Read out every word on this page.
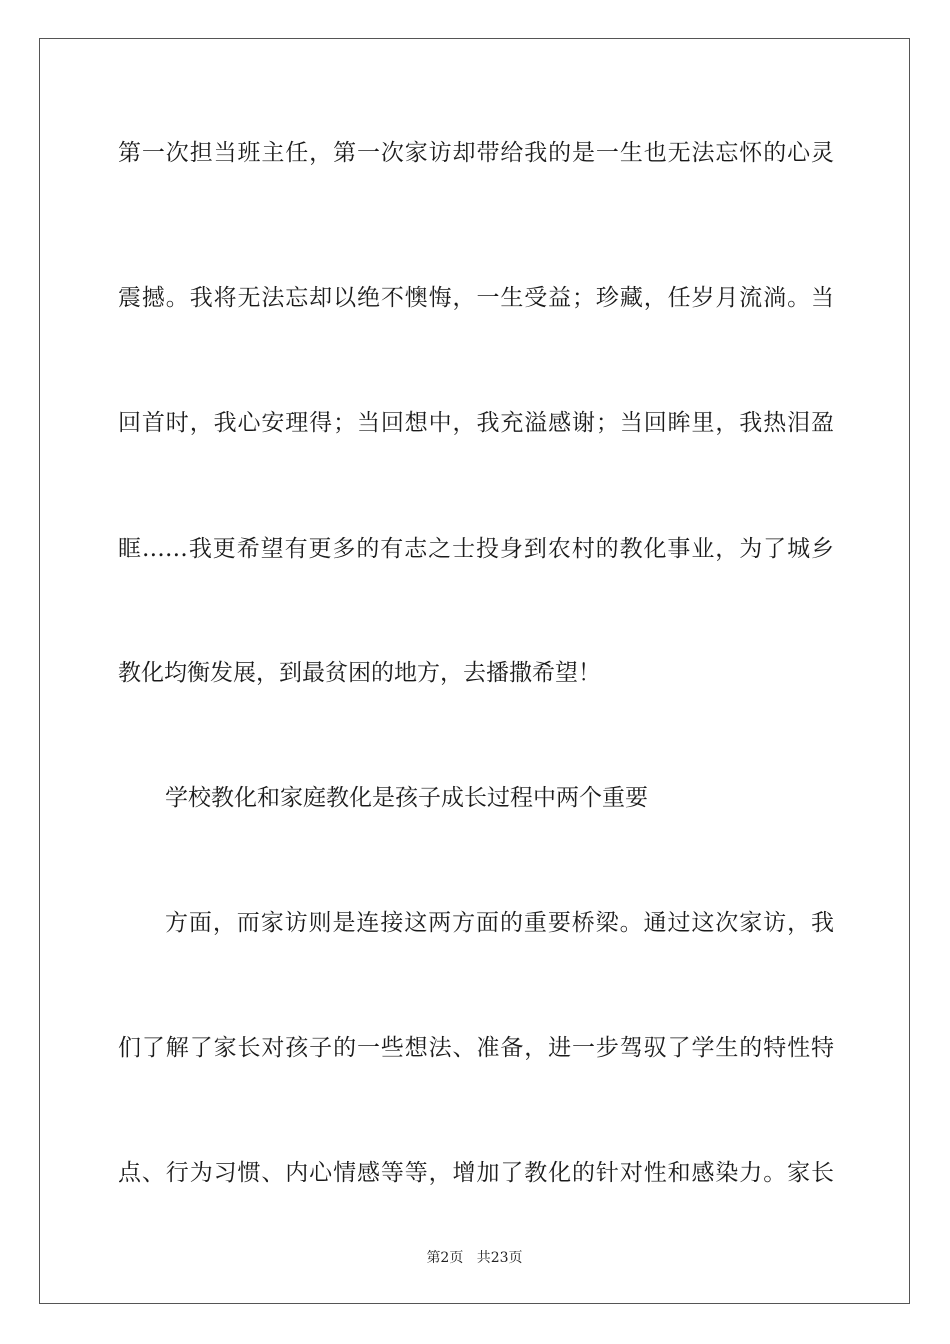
第一次担当班主任，第一次家访却带给我的是一生也无法忘怀的心灵
震撼。我将无法忘却以绝不懊悔，一生受益；珍藏，任岁月流淌。当
回首时，我心安理得；当回想中，我充溢感谢；当回眸里，我热泪盈
眶……我更希望有更多的有志之士投身到农村的教化事业，为了城乡
教化均衡发展，到最贫困的地方，去播撒希望！
学校教化和家庭教化是孩子成长过程中两个重要
方面，而家访则是连接这两方面的重要桥梁。通过这次家访，我
们了解了家长对孩子的一些想法、准备，进一步驾驭了学生的特性特
点、行为习惯、内心情感等等，增加了教化的针对性和感染力。家长
第2页 共23页
